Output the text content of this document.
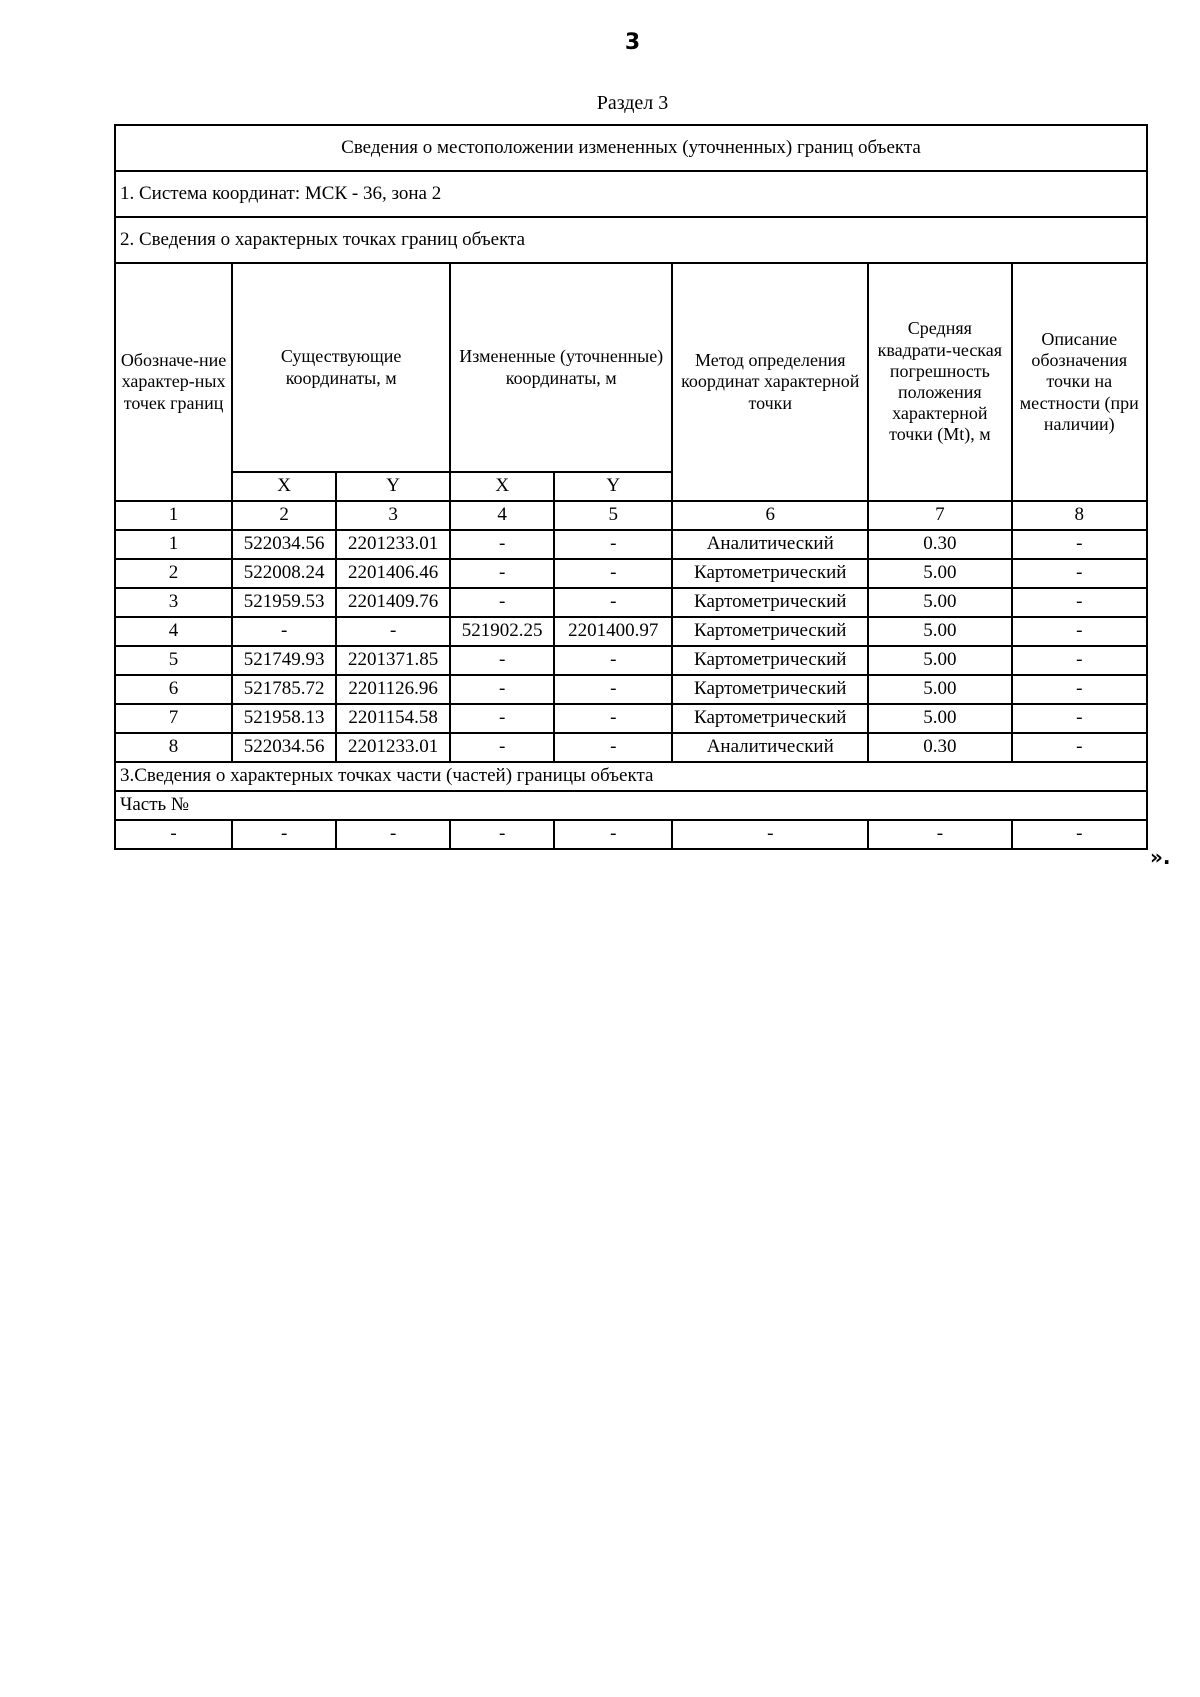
3
Раздел 3
Сведения о местоположении измененных (уточненных) границ объекта							
1. Система координат: МСК - 36, зона 2							
2. Сведения о характерных точках границ объекта							
Обозначе-ние характер-ных точек границ	Существующие координаты, м		Измененные (уточненные) координаты, м		Метод определения координат характерной точки	Средняя квадрати-ческая погрешность положения характерной точки (Mt), м	Описание обозначения точки на местности (при наличии)
	X	Y	X	Y			
1	2	3	4	5	6	7	8
1	522034.56	2201233.01	-	-	Аналитический	0.30	-
2	522008.24	2201406.46	-	-	Картометрический	5.00	-
3	521959.53	2201409.76	-	-	Картометрический	5.00	-
4	-	-	521902.25	2201400.97	Картометрический	5.00	-
5	521749.93	2201371.85	-	-	Картометрический	5.00	-
6	521785.72	2201126.96	-	-	Картометрический	5.00	-
7	521958.13	2201154.58	-	-	Картометрический	5.00	-
8	522034.56	2201233.01	-	-	Аналитический	0.30	-
3.Сведения о характерных точках части (частей) границы объекта							
Часть №							
-	-	-	-	-	-	-	-
».
